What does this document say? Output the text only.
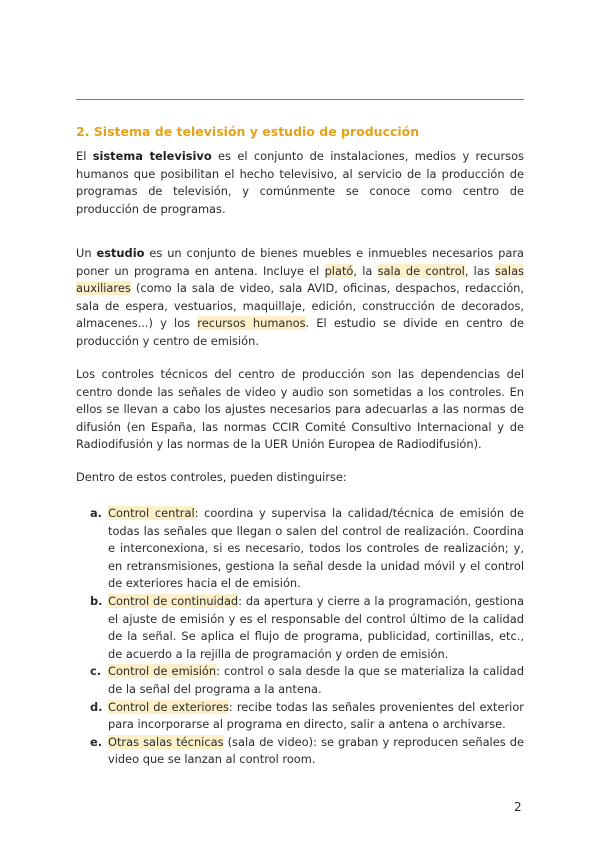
2. Sistema de televisión y estudio de producción

El sistema televisivo es el conjunto de instalaciones, medios y recursos humanos que posibilitan el hecho televisivo, al servicio de la producción de programas de televisión, y comúnmente se conoce como centro de producción de programas.

Un estudio es un conjunto de bienes muebles e inmuebles necesarios para poner un programa en antena. Incluye el plató, la sala de control, las salas auxiliares (como la sala de video, sala AVID, oficinas, despachos, redacción, sala de espera, vestuarios, maquillaje, edición, construcción de decorados, almacenes...) y los recursos humanos. El estudio se divide en centro de producción y centro de emisión.

Los controles técnicos del centro de producción son las dependencias del centro donde las señales de video y audio son sometidas a los controles. En ellos se llevan a cabo los ajustes necesarios para adecuarlas a las normas de difusión (en España, las normas CCIR Comité Consultivo Internacional y de Radiodifusión y las normas de la UER Unión Europea de Radiodifusión).

Dentro de estos controles, pueden distinguirse:

a. Control central: coordina y supervisa la calidad/técnica de emisión de todas las señales que llegan o salen del control de realización. Coordina e interconexiona, si es necesario, todos los controles de realización; y, en retransmisiones, gestiona la señal desde la unidad móvil y el control de exteriores hacia el de emisión.
b. Control de continuidad: da apertura y cierre a la programación, gestiona el ajuste de emisión y es el responsable del control último de la calidad de la señal. Se aplica el flujo de programa, publicidad, cortinillas, etc., de acuerdo a la rejilla de programación y orden de emisión.
c. Control de emisión: control o sala desde la que se materializa la calidad de la señal del programa a la antena.
d. Control de exteriores: recibe todas las señales provenientes del exterior para incorporarse al programa en directo, salir a antena o archivarse.
e. Otras salas técnicas (sala de video): se graban y reproducen señales de video que se lanzan al control room.
2
